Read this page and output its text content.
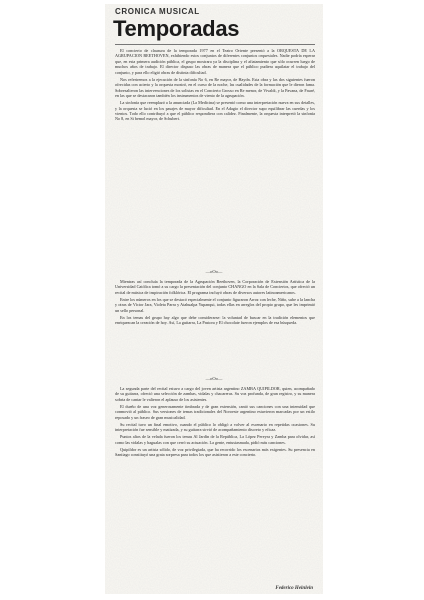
CRONICA MUSICAL
Temporadas

El concierto de clausura de la temporada 1977 en el Teatro Oriente presentó a la ORQUESTA DE LA AGRUPACION BEETHOVEN, exhibiendo estos conjuntos de diferentes conjuntos orquestales. Nadie podría esperar que, en esta primera audición pública, el grupo mostrara ya la disciplina y el afiatamiento que sólo ocurren luego de muchos años de trabajo. El director dispuso las obras de manera que el público pudiera aquilatar el trabajo del conjunto, y para ello eligió obras de distinta dificultad.

Nos referiremos a la ejecución de la sinfonía No 6, en Re mayor, de Haydn. Esta obra y las dos siguientes fueron ofrecidas con acierto y la orquesta mostró, en el curso de la noche, las cualidades de la formación que le dieron fama. Sobresalieron las intervenciones de los solistas en el Concierto Grosso en Re menor, de Vivaldi, y la Pavana, de Fauré, en las que se destacaron también los instrumentos de viento de la agrupación.

La sinfonía que reemplazó a la anunciada (La Medicina) se presentó como una interpretación nueva en sus detalles, y la orquesta se lució en los pasajes de mayor dificultad. En el Adagio el director supo equilibrar las cuerdas y los vientos. Todo ello contribuyó a que el público respondiera con calidez. Finalmente, la orquesta interpretó la sinfonía No 8, en Si bemol mayor, de Schubert.

—oOo—

Mientras así concluía la temporada de la Agrupación Beethoven, la Corporación de Extensión Artística de la Universidad Católica tomó a su cargo la presentación del conjunto CHANGO en la Sala de Conciertos, que ofreció un recital de música de inspiración folklórica. El programa incluyó obras de diversos autores latinoamericanos.

Entre los números en los que se destacó especialmente el conjunto figuraron Arroz con leche, Niño, sube a la lancha y otras de Víctor Jara, Violeta Parra y Atahualpa Yupanqui, todas ellas en arreglos del propio grupo, que les imprimió un sello personal.

En los temas del grupo hay algo que debe considerarse: la voluntad de buscar en la tradición elementos que enriquezcan la creación de hoy. Así, La guitarra, La Pastora y El chocolate fueron ejemplos de esa búsqueda.

—oOo—

La segunda parte del recital estuvo a cargo del joven artista argentino ZAMBA QUIPILDOR, quien, acompañado de su guitarra, ofreció una selección de zambas, vidalas y chacareras. Su voz profunda, de gran registro, y su manera sobria de cantar le valieron el aplauso de los asistentes.

El dueño de una voz generosamente timbrada y de gran extensión, cantó sus canciones con una intensidad que conmovió al público. Sus versiones de temas tradicionales del Noroeste argentino estuvieron marcadas por un estilo reposado y un fraseo de gran musicalidad.

Su recital tuvo un final emotivo, cuando el público lo obligó a volver al escenario en repetidas ocasiones. Su interpretación fue sensible y matizada, y su guitarra sirvió de acompañamiento discreto y eficaz.

Puntos altos de la velada fueron los temas Al Jardín de la República, La López Pereyra y Zamba para olvidar, así como las vidalas y bagualas con que cerró su actuación. La gente, entusiasmada, pidió más canciones.

Quipildor es un artista sólido, de voz privilegiada, que ha recorrido los escenarios más exigentes. Su presencia en Santiago constituyó una grata sorpresa para todos los que asistieron a este concierto.

Federico Heinlein
